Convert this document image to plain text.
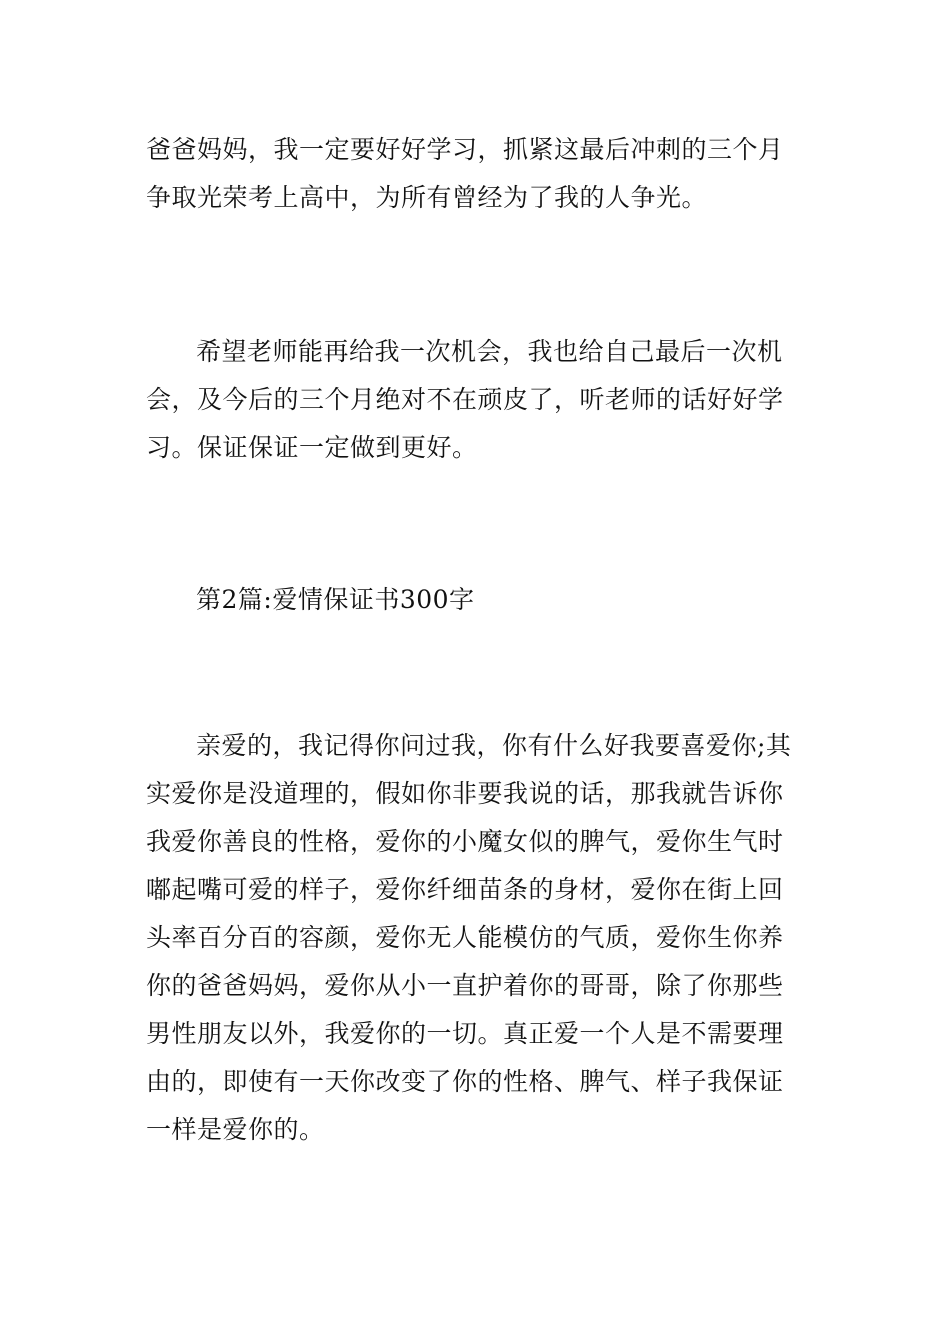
爸爸妈妈，我一定要好好学习，抓紧这最后冲刺的三个月
争取光荣考上高中，为所有曾经为了我的人争光。

希望老师能再给我一次机会，我也给自己最后一次机
会，及今后的三个月绝对不在顽皮了，听老师的话好好学
习。保证保证一定做到更好。

第2篇:爱情保证书300字

亲爱的，我记得你问过我，你有什么好我要喜爱你;其
实爱你是没道理的，假如你非要我说的话，那我就告诉你
我爱你善良的性格，爱你的小魔女似的脾气，爱你生气时
嘟起嘴可爱的样子，爱你纤细苗条的身材，爱你在街上回
头率百分百的容颜，爱你无人能模仿的气质，爱你生你养
你的爸爸妈妈，爱你从小一直护着你的哥哥，除了你那些
男性朋友以外，我爱你的一切。真正爱一个人是不需要理
由的，即使有一天你改变了你的性格、脾气、样子我保证
一样是爱你的。
